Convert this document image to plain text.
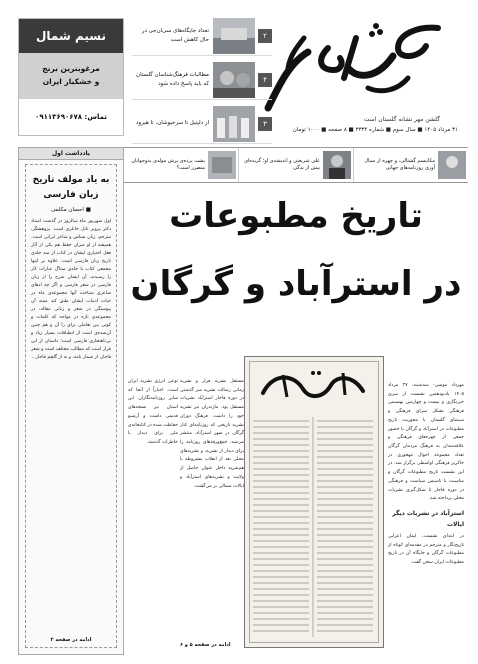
گلشن مهر نشانه گلستان است
۳۱ مرداد ۱۴۰۵ ■ سال سوم ■ شماره ۳۳۳۴ ■ ۸ صفحه ■ ۱۰۰۰ تومان
۲
تعداد جایگاه‌های سی‌ان‌جی در حال کاهش است
۴
مطالبات فرهنگ‌شناسان گلستان که باید پاسخ داده شود
۳
از دلپتیل تا سرخیوشان، تا هیرود
نسیم شمال
مرغوبترین برنج
و خشکبار ایران
تماس: ۰۹۱۱۳۶۹۰۶۷۸
مکانیسم گشتالی، و چهره از سیال آوری روزنامه‌های جهانی
علی شریعتی و اندیشه‌ی او؛ گزیده‌ای بیش از ندگی
پشت پرده‌ی پرش مولدی بدوجوانان متضرر است؟
یادداشت اول
به یاد مولف تاریخ زبان فارسی
■ احسان مکلمی
اول شهریور ماه سالروز در گذشت استاد دکتر پرویز ناتل خانلری است. پژوهشگر، مترجم، زبان شناس و شاعر ایرانی است. همیشه از او میزان حفظ هم یکی از آثار فعل اختیاری ایشان در کتاب از سه جلدی تاریخ زبان فارسی است. علاوه بر اینها مجمعی کتاب با جلدی ستاگ عبارات کار را رسیدند، آن ایشان شرح را از زبان فارسی در شعر فارسی و اگر چه ادهای شاعری شناخت آنها مجموعه‌ی ماه در حیات ادبیات ایشان طبق کند ممتد آن پیوستگی در شعر و زبانی مقاله، در مجموعه‌ی تازه در مواجه که کلمات و کوتی بین تعاملی برای را آن و هم چنین آن‌شده‌ی است از انطباقات بسیار زیاد و بی‌ناهنجاری فارسی است؛ داستان از این قرار است که مطالب مختلف است و شعر قاجار، از شمار نامه، و نه از گلچم قاجار...
ادامه در صفحه ۲
تاریخ مطبوعات
در استرآباد و گرگان
مهرداد موشی- سه‌شنبه، ۲۷ مرداد ۱۴۰۵ یادبودهمین نشست از سری خبرنگاری و بیست و چهارمین نهضیمی فرهنگی تشکل سرای فرهنگی و سینمای گلستان با محوریت تاریخ مطبوعات در استرآباد و گرگان با حضور جمعی از چهره‌های فرهنگی و علاقه‌مندان به فرهنگ مردمان گرگان تعداد مجموعه احوال مهجوری در خاکریز فرهنگی اواسطی برگزار شد. در این نشست تاریخ مطبوعات گرگان و مناسبت با تاسیس سیاست و فرهنگی در دوره قاجار تا شکل‌گیری نشریات محلی پرداخته شد.
استرآباد در نشریات دیگر ایالات
در ابتدای نشست، ایمان اعرابی تاریخ‌نگار و مترجم در مقدمه‌ای کوتاه از مطبوعات گرگان و جایگاه آن در تاریخ مطبوعات ایران سخن گفت.
مستقل نشریه فرار و نشریه زمانی رسالت نشریه سر گذشتی در دوره قاجار استرآباد نشریات مستقل بود. مازندران نیز نشریه خود را داشت. فرهنگ دوران نشریه تاریخی که روزنامه‌ای کنار گرگان در شهر استرآباد، منتشر می‌شد. جمع‌ورقه‌های روزنامه را برای دیدار از نشریه، و نشریه‌های محلی بعد از انقلاب مشروطه با هم‌شریه داخل عنوان حاصل از ولایت و نشریه‌های استرآباد و ایالات شمالی بر می‌گشت.
نوعی انرژی نشریه ایران است. اجباراً از آنجا که سایر روزنامه‌نگاران این استان نیز نسخه‌های قدیمی داشت و آرشیو حفاظت شده در کتابخانه‌ی ملی برای دیدار با خاطرات گذشته.
ادامه در صفحه ۵ و ۶
